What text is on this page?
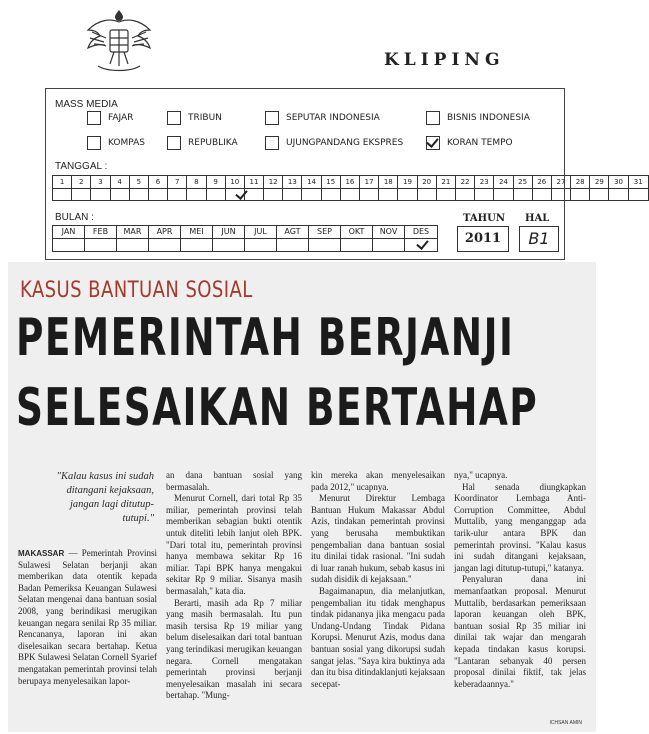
KLIPING
MASS MEDIA
FAJAR	TRIBUN	SEPUTAR INDONESIA	BISNIS INDONESIA
KOMPAS	REPUBLIKA	UJUNGPANDANG EKSPRES	KORAN TEMPO
TANGGAL :
1	2	3	4	5	6	7	8	9	10	11	12	13	14	15	16	17	18	19	20	21	22	23	24	25	26	27	28	29	30	31
BULAN :
JAN	FEB	MAR	APR	MEI	JUN	JUL	AGT	SEP	OKT	NOV	DES
TAHUN
2011
HAL
B1
KASUS BANTUAN SOSIAL
PEMERINTAH BERJANJI
SELESAIKAN BERTAHAP
"Kalau kasus ini sudah ditangani kejaksaan, jangan lagi ditutup-tutupi."

MAKASSAR — Pemerintah Provinsi Sulawesi Selatan berjanji akan memberikan data otentik kepada Badan Pemeriksa Keuangan Sulawesi Selatan mengenai dana bantuan sosial 2008, yang berindikasi merugikan keuangan negara senilai Rp 35 miliar. Rencananya, laporan ini akan diselesaikan secara bertahap. Ketua BPK Sulawesi Selatan Cornell Syarief mengatakan pemerintah provinsi telah berupaya menyelesaikan lapor-

an dana bantuan sosial yang bermasalah.

Menurut Cornell, dari total Rp 35 miliar, pemerintah provinsi telah memberikan sebagian bukti otentik untuk diteliti lebih lanjut oleh BPK. "Dari total itu, pemerintah provinsi hanya membawa sekitar Rp 16 miliar. Tapi BPK hanya mengakui sekitar Rp 9 miliar. Sisanya masih bermasalah," kata dia.

Berarti, masih ada Rp 7 miliar yang masih bermasalah. Itu pun masih tersisa Rp 19 miliar yang belum diselesaikan dari total bantuan yang terindikasi merugikan keuangan negara. Cornell mengatakan pemerintah provinsi berjanji menyelesaikan masalah ini secara bertahap. "Mung-

kin mereka akan menyelesaikan pada 2012," ucapnya.

Menurut Direktur Lembaga Bantuan Hukum Makassar Abdul Azis, tindakan pemerintah provinsi yang berusaha membuktikan pengembalian dana bantuan sosial itu dinilai tidak rasional. "Ini sudah di luar ranah hukum, sebab kasus ini sudah disidik di kejaksaan."

Bagaimanapun, dia melanjutkan, pengembalian itu tidak menghapus tindak pidananya jika mengacu pada Undang-Undang Tindak Pidana Korupsi. Menurut Azis, modus dana bantuan sosial yang dikorupsi sudah sangat jelas. "Saya kira buktinya ada dan itu bisa ditindaklanjuti kejaksaan secepat-

nya," ucapnya.

Hal senada diungkapkan Koordinator Lembaga Anti-Corruption Committee, Abdul Muttalib, yang menganggap ada tarik-ulur antara BPK dan pemerintah provinsi. "Kalau kasus ini sudah ditangani kejaksaan, jangan lagi ditutup-tutupi," katanya.

Penyaluran dana ini memanfaatkan proposal. Menurut Muttalib, berdasarkan pemeriksaan laporan keuangan oleh BPK, bantuan sosial Rp 35 miliar ini dinilai tak wajar dan mengarah kepada tindakan kasus korupsi. "Lantaran sebanyak 40 persen proposal dinilai fiktif, tak jelas keberadaannya."

ICHSAN AMIN
